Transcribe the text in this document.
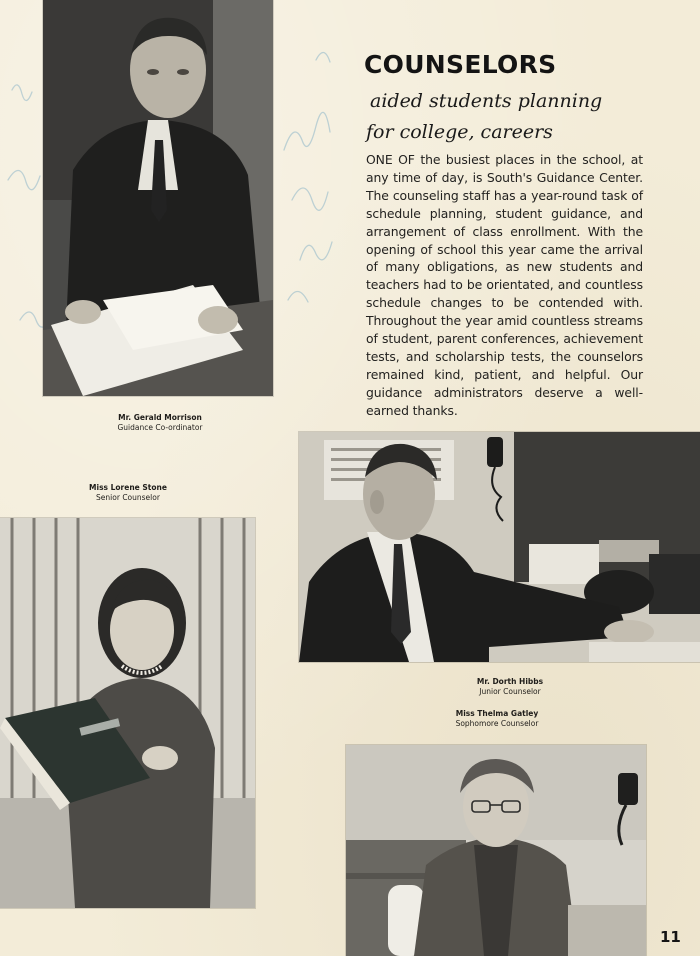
Mr. Gerald Morrison
Guidance Co-ordinator
Miss Lorene Stone
Senior Counselor
COUNSELORS
aided students planning
for college, careers
ONE OF the busiest places in the school, at any time of day, is South's Guidance Center. The counseling staff has a year-round task of schedule planning, student guidance, and arrangement of class enrollment. With the opening of school this year came the arrival of many obligations, as new students and teachers had to be orientated, and countless schedule changes to be contended with. Throughout the year amid countless streams of student, parent conferences, achievement tests, and scholarship tests, the counselors remained kind, patient, and helpful. Our guidance administrators deserve a well-earned thanks.
Mr. Dorth Hibbs
Junior Counselor
Miss Thelma Gatley
Sophomore Counselor
11
